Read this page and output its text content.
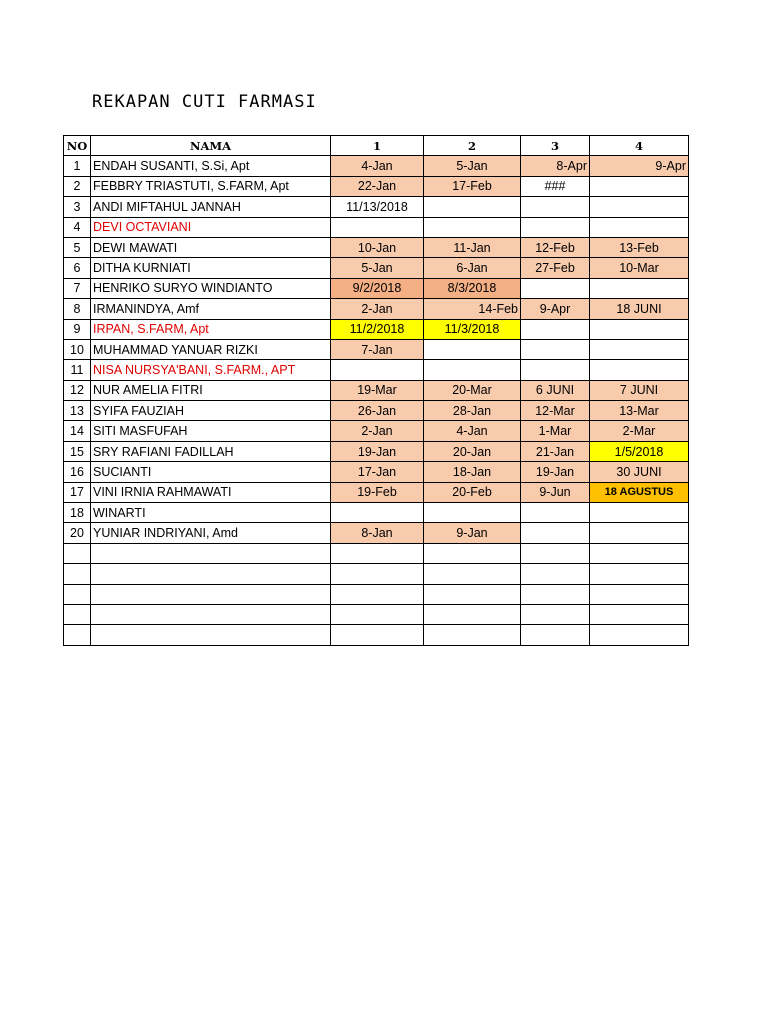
REKAPAN CUTI FARMASI
NO	NAMA	1	2	3	4
1	ENDAH SUSANTI, S.Si, Apt	4-Jan	5-Jan	8-Apr	9-Apr
2	FEBBRY TRIASTUTI, S.FARM, Apt	22-Jan	17-Feb	###	
3	ANDI MIFTAHUL JANNAH	11/13/2018			
4	DEVI OCTAVIANI				
5	DEWI MAWATI	10-Jan	11-Jan	12-Feb	13-Feb
6	DITHA KURNIATI	5-Jan	6-Jan	27-Feb	10-Mar
7	HENRIKO SURYO WINDIANTO	9/2/2018	8/3/2018		
8	IRMANINDYA, Amf	2-Jan	14-Feb	9-Apr	18 JUNI
9	IRPAN, S.FARM, Apt	11/2/2018	11/3/2018		
10	MUHAMMAD YANUAR RIZKI	7-Jan			
11	NISA NURSYA'BANI, S.FARM., APT				
12	NUR AMELIA FITRI	19-Mar	20-Mar	6 JUNI	7 JUNI
13	SYIFA FAUZIAH	26-Jan	28-Jan	12-Mar	13-Mar
14	SITI MASFUFAH	2-Jan	4-Jan	1-Mar	2-Mar
15	SRY RAFIANI FADILLAH	19-Jan	20-Jan	21-Jan	1/5/2018
16	SUCIANTI	17-Jan	18-Jan	19-Jan	30 JUNI
17	VINI IRNIA RAHMAWATI	19-Feb	20-Feb	9-Jun	18 AGUSTUS
18	WINARTI				
20	YUNIAR INDRIYANI, Amd	8-Jan	9-Jan		
